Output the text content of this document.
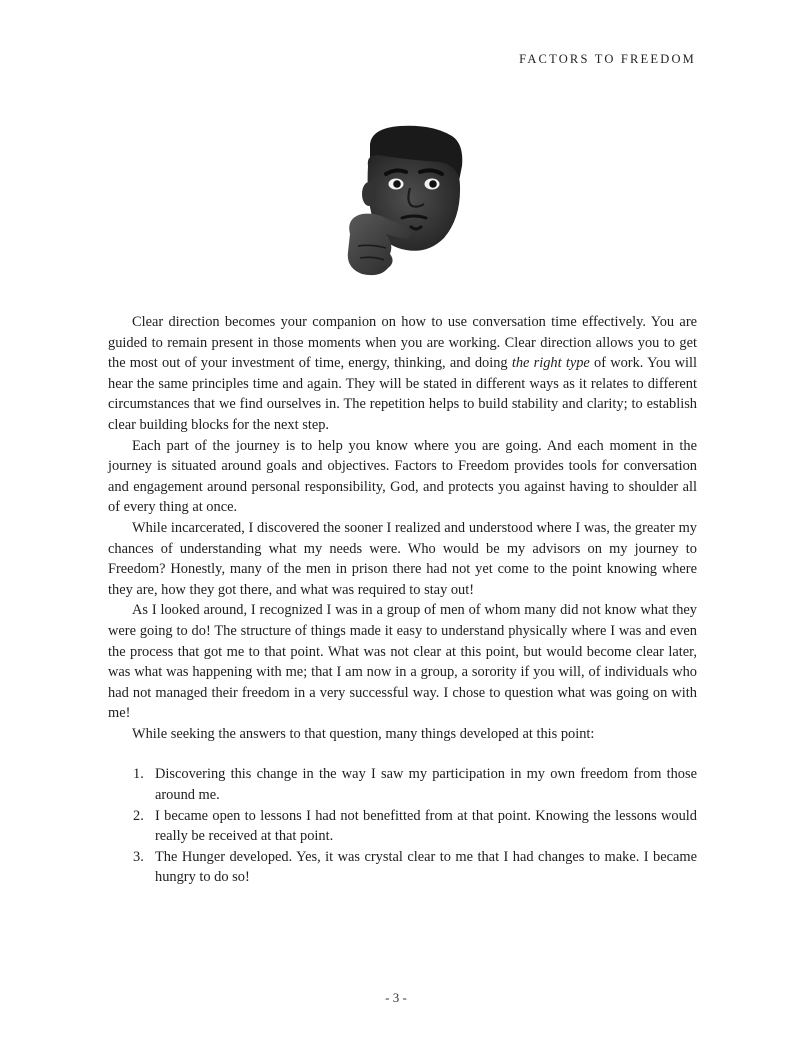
FACTORS TO FREEDOM

Clear direction becomes your companion on how to use conversation time effectively. You are guided to remain present in those moments when you are working. Clear direction allows you to get the most out of your investment of time, energy, thinking, and doing the right type of work. You will hear the same principles time and again. They will be stated in different ways as it relates to different circumstances that we find ourselves in. The repetition helps to build stability and clarity; to establish clear building blocks for the next step.

Each part of the journey is to help you know where you are going. And each moment in the journey is situated around goals and objectives. Factors to Freedom provides tools for conversation and engagement around personal responsibility, God, and protects you against having to shoulder all of every thing at once.

While incarcerated, I discovered the sooner I realized and understood where I was, the greater my chances of understanding what my needs were. Who would be my advisors on my journey to Freedom? Honestly, many of the men in prison there had not yet come to the point knowing where they are, how they got there, and what was required to stay out!

As I looked around, I recognized I was in a group of men of whom many did not know what they were going to do! The structure of things made it easy to understand physically where I was and even the process that got me to that point. What was not clear at this point, but would become clear later, was what was happening with me; that I am now in a group, a sorority if you will, of individuals who had not managed their freedom in a very successful way. I chose to question what was going on with me!

While seeking the answers to that question, many things developed at this point:

1. Discovering this change in the way I saw my participation in my own freedom from those around me.
2. I became open to lessons I had not benefitted from at that point. Knowing the lessons would really be received at that point.
3. The Hunger developed. Yes, it was crystal clear to me that I had changes to make. I became hungry to do so!
- 3 -
